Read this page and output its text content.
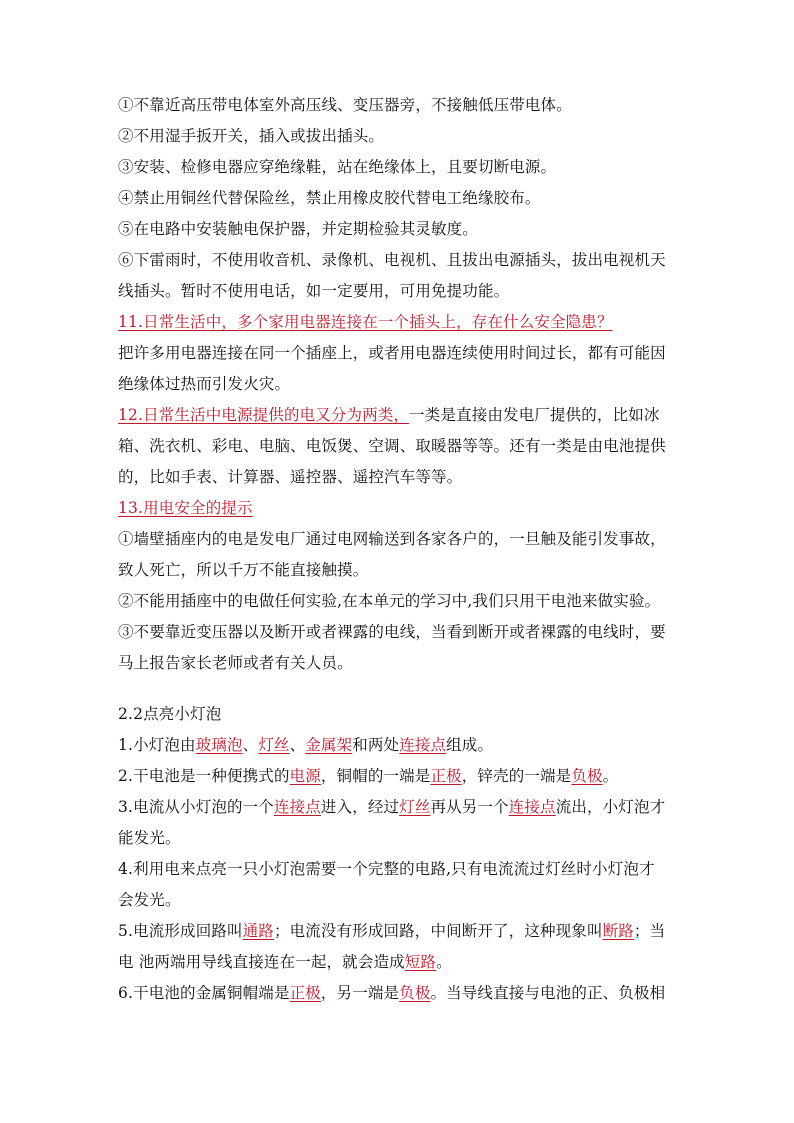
①不靠近高压带电体室外高压线、变压器旁，不接触低压带电体。
②不用湿手扳开关，插入或拔出插头。
③安装、检修电器应穿绝缘鞋，站在绝缘体上，且要切断电源。
④禁止用铜丝代替保险丝，禁止用橡皮胶代替电工绝缘胶布。
⑤在电路中安装触电保护器，并定期检验其灵敏度。
⑥下雷雨时，不使用收音机、录像机、电视机、且拔出电源插头，拔出电视机天
线插头。暂时不使用电话，如一定要用，可用免提功能。
11.日常生活中，多个家用电器连接在一个插头上，存在什么安全隐患？
把许多用电器连接在同一个插座上，或者用电器连续使用时间过长，都有可能因
绝缘体过热而引发火灾。
12.日常生活中电源提供的电又分为两类，一类是直接由发电厂提供的，比如冰
箱、洗衣机、彩电、电脑、电饭煲、空调、取暖器等等。还有一类是由电池提供
的，比如手表、计算器、遥控器、遥控汽车等等。
13.用电安全的提示
①墙壁插座内的电是发电厂通过电网输送到各家各户的，一旦触及能引发事故，
致人死亡，所以千万不能直接触摸。
②不能用插座中的电做任何实验,在本单元的学习中,我们只用干电池来做实验。
③不要靠近变压器以及断开或者裸露的电线，当看到断开或者裸露的电线时，要
马上报告家长老师或者有关人员。
2.2点亮小灯泡
1.小灯泡由玻璃泡、灯丝、金属架和两处连接点组成。
2.干电池是一种便携式的电源，铜帽的一端是正极，锌壳的一端是负极。
3.电流从小灯泡的一个连接点进入，经过灯丝再从另一个连接点流出，小灯泡才
能发光。
4.利用电来点亮一只小灯泡需要一个完整的电路,只有电流流过灯丝时小灯泡才
会发光。
5.电流形成回路叫通路；电流没有形成回路，中间断开了，这种现象叫断路；当
电 池两端用导线直接连在一起，就会造成短路。
6.干电池的金属铜帽端是正极，另一端是负极。当导线直接与电池的正、负极相
